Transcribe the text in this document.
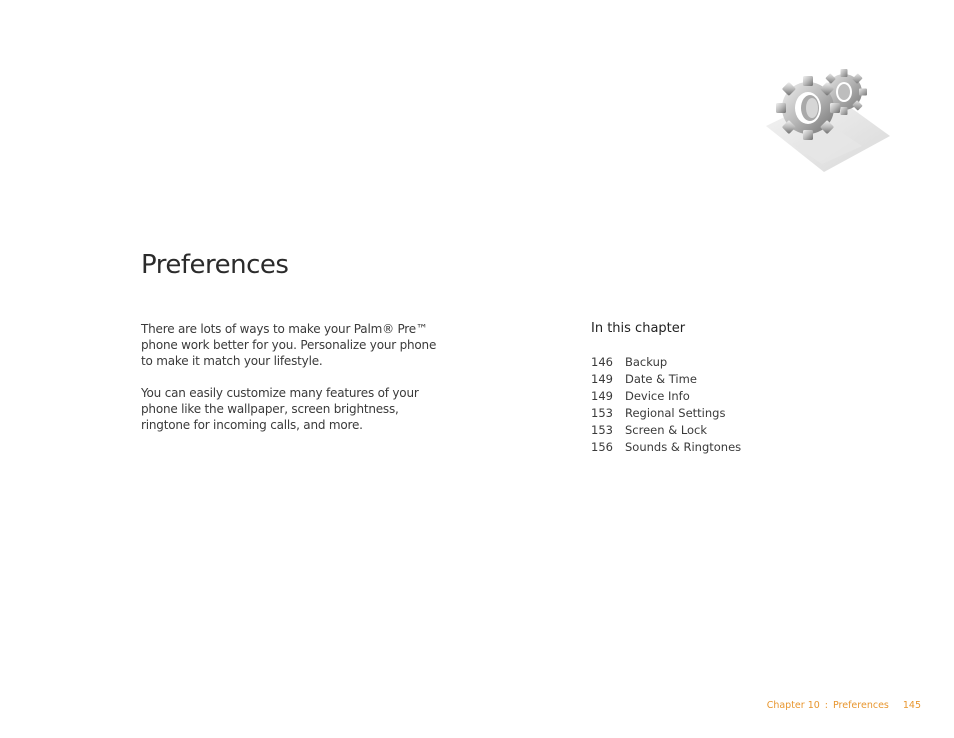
Preferences

There are lots of ways to make your Palm® Pre™ phone work better for you. Personalize your phone to make it match your lifestyle.

You can easily customize many features of your phone like the wallpaper, screen brightness, ringtone for incoming calls, and more.

In this chapter
146	Backup
149	Date & Time
149	Device Info
153	Regional Settings
153	Screen & Lock
156	Sounds & Ringtones
Chapter 10 : Preferences 145
